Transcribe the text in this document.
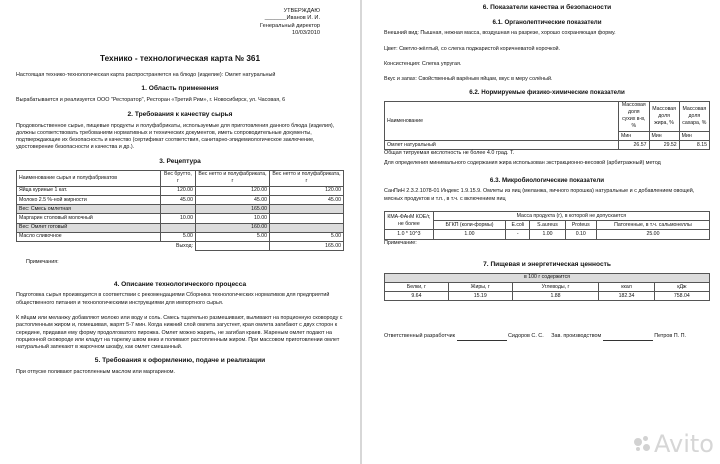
УТВЕРЖДАЮ
_______Иванов И. И.
Генеральный директор
10/03/2010
Технико - технологическая карта № 361

Настоящая технико-технологическая карта распространяется на блюдо (изделие): Омлет натуральный

1. Область применения

Вырабатывается и реализуется ООО "Ресторатор", Ресторан «Третий Рим», г. Новосибирск, ул. Часовая, 6

2. Требования к качеству сырья

Продовольственное сырье, пищевые продукты и полуфабрикаты, используемые для приготовления данного блюда (изделия), должны соответствовать требованиям нормативных и технических документов, иметь сопроводительные документы, подтверждающие их безопасность и качество (сертификат соответствия, санитарно-эпидемиологическое заключение, удостоверение безопасности и качества и др.).

3. Рецептура
Наименование сырья и полуфабрикатов	Вес брутто, г	Вес нетто и полуфабриката, г	Вес нетто и полуфабриката, г
Яйца куриные 1 кат.	120.00	120.00	120.00
Молоко 2.5 %-ной жирности	45.00	45.00	45.00
Вес: Смесь омлетная		165.00	
Маргарин столовый молочный	10.00	10.00	
Вес: Омлет готовый		160.00	
Масло сливочное	5.00	5.00	5.00
	Выход:		165.00

Примечания:

4. Описание технологического процесса

Подготовка сырья производится в соответствии с рекомендациями Сборника технологических нормативов для предприятий общественного питания и технологическими инструкциями для импортного сырья.

К яйцам или меланжу добавляют молоко или воду и соль. Смесь тщательно размешивают, выливают на порционную сковороду с растопленным жиром и, помешивая, жарят 5-7 мин. Когда нижний слой омлета загустеет, края омлета загибают с двух сторон к середине, придавая ему форму продолговатого пирожка. Омлет можно жарить, не загибая краев. Жареным омлет подают на порционной сковороде или кладут на тарелку швом вниз и поливают растопленным жиром. При массовом приготовлении омлет натуральный запекают в жарочном шкафу, как омлет смешанный.

5. Требования к оформлению, подаче и реализации

При отпуске поливают растопленным маслом или маргарином.

6. Показатели качества и безопасности
6.1. Органолептические показатели

Внешний вид: Пышная, нежная масса, воздушная на разрезе, хорошо сохраняющая форму.

Цвет: Светло-жёлтый, со слегка поджаристой коричневатой корочкой.

Консистенция: Слегка упругая.

Вкус и запах: Свойственный варёным яйцам, вкус в меру солёный.

6.2. Нормируемые физико-химические показатели
Наименование	Массовая доля сухих в-в, %	Массовая доля жира, %	Массовая доля сахара, %
	Мин	Мин	Мин
Омлет натуральный	26.57	29.52	8.15

Общая титруемая кислотность не более 4.0 град. Т.

Для определения минимального содержания жира использован экстракционно-весовой (арбитражный) метод

6.3. Микробиологические показатели

СанПиН 2.3.2.1078-01 Индекс 1.9.15.9. Омлеты из яиц (меланжа, яичного порошка) натуральные и с добавлением овощей, мясных продуктов и т.п., в т.ч. с включением яиц

КМА-ФАнМ КОЕ/г, не более	Масса продукта (г), в которой не допускается				
	БГКП (коли-формы)	E.coli	S.aureus	Proteus	Патогенные, в т.ч. сальмонеллы
1.0 * 10^3	1.00	-	1.00	0.10	25.00

Примечание:

7. Пищевая и энергетическая ценность
в 100 г содержится				
Белки, г	Жиры, г	Углеводы, г	ккал	кДж
9.64	15.19	1.88	182.34	758.04
Ответственный разработчик	Сидоров С. С. Зав. производством	Петров П. П.
Avito
